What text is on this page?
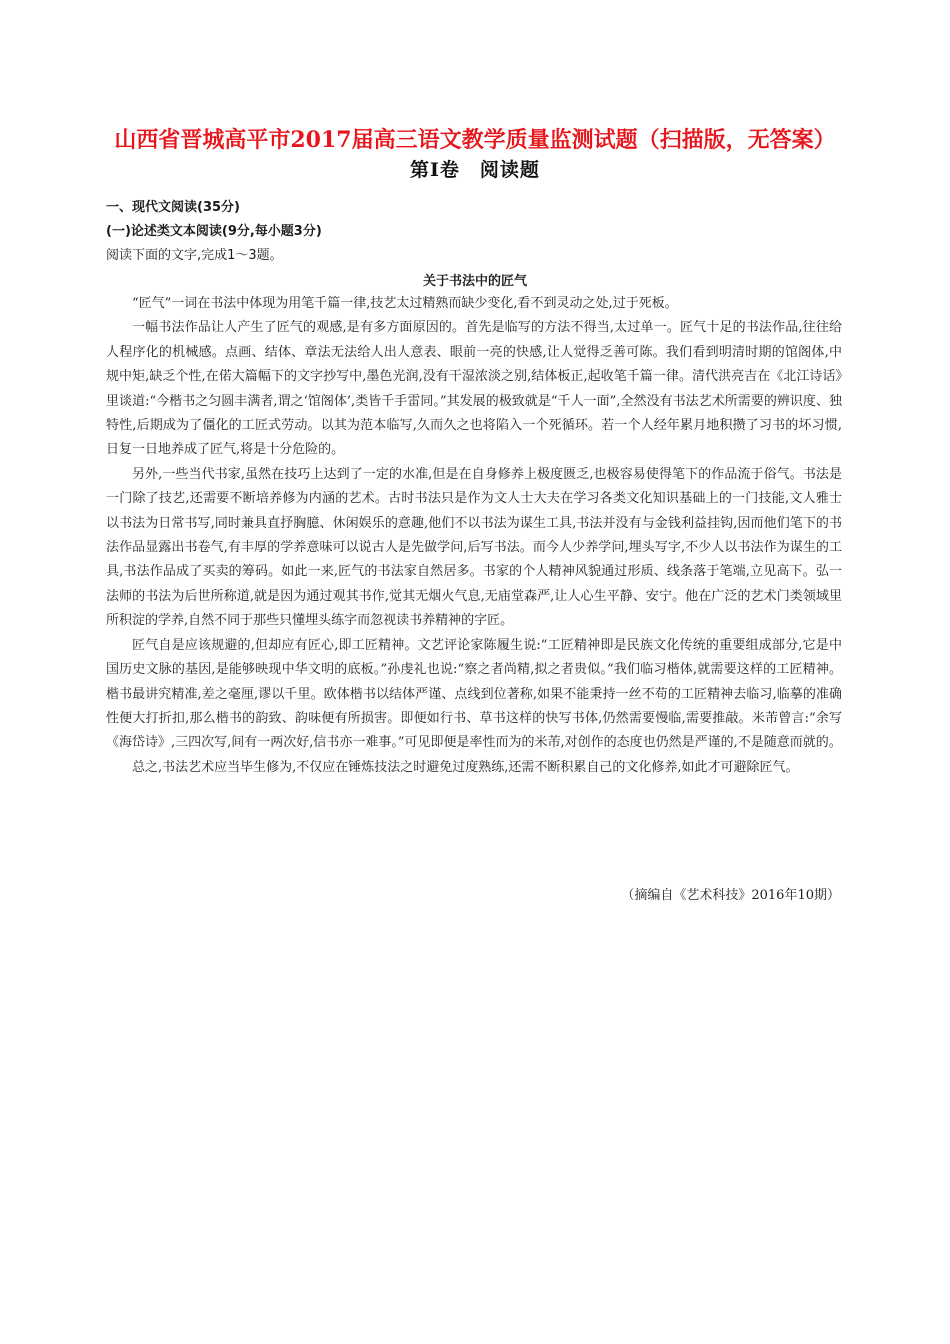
山西省晋城高平市2017届高三语文教学质量监测试题（扫描版，无答案）
第Ⅰ卷　阅读题
一、现代文阅读(35分)
(一)论述类文本阅读(9分,每小题3分)
阅读下面的文字,完成1～3题。
关于书法中的匠气

“匠气”一词在书法中体现为用笔千篇一律,技艺太过精熟而缺少变化,看不到灵动之处,过于死板。

一幅书法作品让人产生了匠气的观感,是有多方面原因的。首先是临写的方法不得当,太过单一。匠气十足的书法作品,往往给人程序化的机械感。点画、结体、章法无法给人出人意表、眼前一亮的快感,让人觉得乏善可陈。我们看到明清时期的馆阁体,中规中矩,缺乏个性,在偌大篇幅下的文字抄写中,墨色光润,没有干湿浓淡之别,结体板正,起收笔千篇一律。清代洪亮吉在《北江诗话》里谈道:“今楷书之匀圆丰满者,谓之‘馆阁体’,类皆千手雷同。”其发展的极致就是“千人一面”,全然没有书法艺术所需要的辨识度、独特性,后期成为了僵化的工匠式劳动。以其为范本临写,久而久之也将陷入一个死循环。若一个人经年累月地积攒了习书的坏习惯,日复一日地养成了匠气,将是十分危险的。

另外,一些当代书家,虽然在技巧上达到了一定的水准,但是在自身修养上极度匮乏,也极容易使得笔下的作品流于俗气。书法是一门除了技艺,还需要不断培养修为内涵的艺术。古时书法只是作为文人士大夫在学习各类文化知识基础上的一门技能,文人雅士以书法为日常书写,同时兼具直抒胸臆、休闲娱乐的意趣,他们不以书法为谋生工具,书法并没有与金钱利益挂钩,因而他们笔下的书法作品显露出书卷气,有丰厚的学养意味可以说古人是先做学问,后写书法。而今人少养学问,埋头写字,不少人以书法作为谋生的工具,书法作品成了买卖的筹码。如此一来,匠气的书法家自然居多。书家的个人精神风貌通过形质、线条落于笔端,立见高下。弘一法师的书法为后世所称道,就是因为通过观其书作,觉其无烟火气息,无庙堂森严,让人心生平静、安宁。他在广泛的艺术门类领域里所积淀的学养,自然不同于那些只懂埋头练字而忽视读书养精神的字匠。

匠气自是应该规避的,但却应有匠心,即工匠精神。文艺评论家陈履生说:“工匠精神即是民族文化传统的重要组成部分,它是中国历史文脉的基因,是能够映现中华文明的底板。”孙虔礼也说:“察之者尚精,拟之者贵似。”我们临习楷体,就需要这样的工匠精神。楷书最讲究精准,差之毫厘,谬以千里。欧体楷书以结体严谨、点线到位著称,如果不能秉持一丝不苟的工匠精神去临习,临摹的准确性便大打折扣,那么楷书的韵致、韵味便有所损害。即便如行书、草书这样的快写书体,仍然需要慢临,需要推敲。米芾曾言:“余写《海岱诗》,三四次写,间有一两次好,信书亦一难事。”可见即便是率性而为的米芾,对创作的态度也仍然是严谨的,不是随意而就的。

总之,书法艺术应当毕生修为,不仅应在锤炼技法之时避免过度熟练,还需不断积累自己的文化修养,如此才可避除匠气。

（摘编自《艺术科技》2016年10期）
